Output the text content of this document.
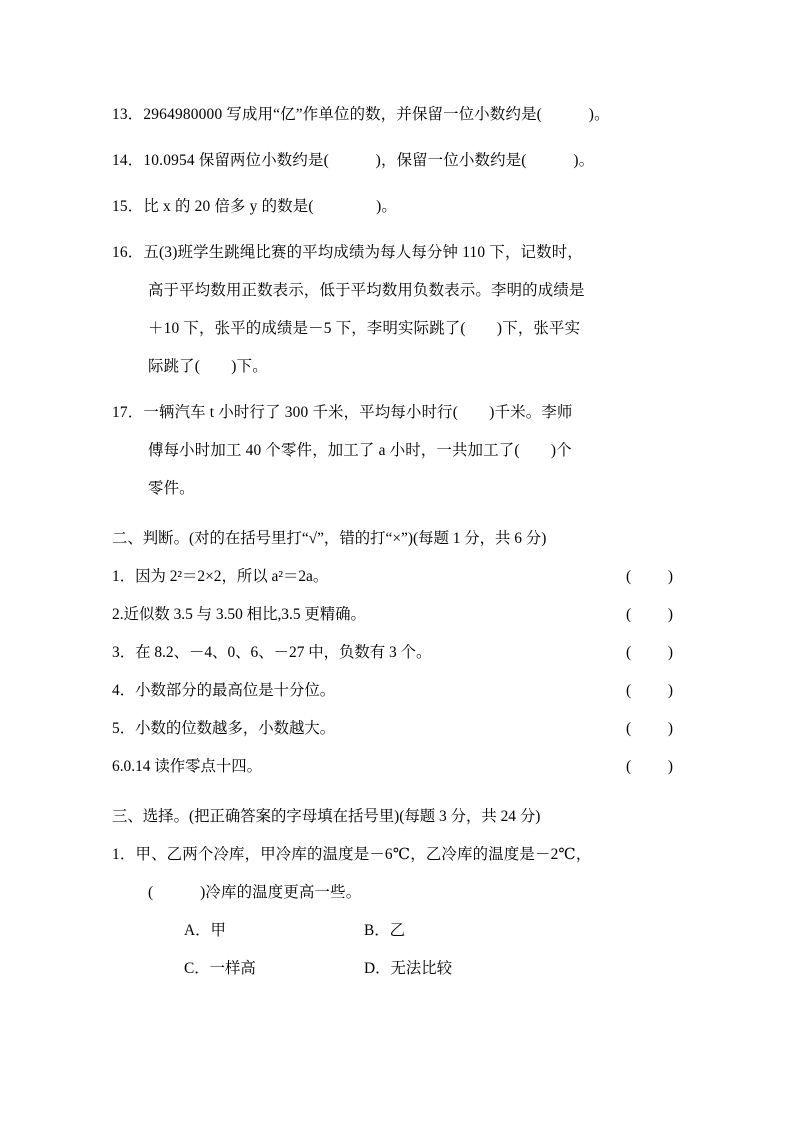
13．2964980000 写成用“亿”作单位的数，并保留一位小数约是(　　　)。
14．10.0954 保留两位小数约是(　　　)，保留一位小数约是(　　　)。
15．比 x 的 20 倍多 y 的数是(　　　　)。
16．五(3)班学生跳绳比赛的平均成绩为每人每分钟 110 下，记数时，
高于平均数用正数表示，低于平均数用负数表示。李明的成绩是
＋10 下，张平的成绩是－5 下，李明实际跳了(　　)下，张平实
际跳了(　　)下。
17．一辆汽车 t 小时行了 300 千米，平均每小时行(　　)千米。李师
傅每小时加工 40 个零件，加工了 a 小时，一共加工了(　　)个
零件。
二、判断。(对的在括号里打“√”，错的打“×”)(每题 1 分，共 6 分)
1． 因为 2²＝2×2，所以 a²＝2a。	(　　)
2. 近似数 3.5 与 3.50 相比,3.5 更精确。	(　　)
3． 在 8.2、－4、0、6、－27 中，负数有 3 个。	(　　)
4． 小数部分的最高位是十分位。	(　　)
5． 小数的位数越多，小数越大。	(　　)
6. 0.14 读作零点十四。	(　　)
三、选择。(把正确答案的字母填在括号里)(每题 3 分，共 24 分)
1．甲、乙两个冷库，甲冷库的温度是－6℃，乙冷库的温度是－2℃，
(　　　)冷库的温度更高一些。
A．甲	B．乙
C．一样高	D．无法比较
